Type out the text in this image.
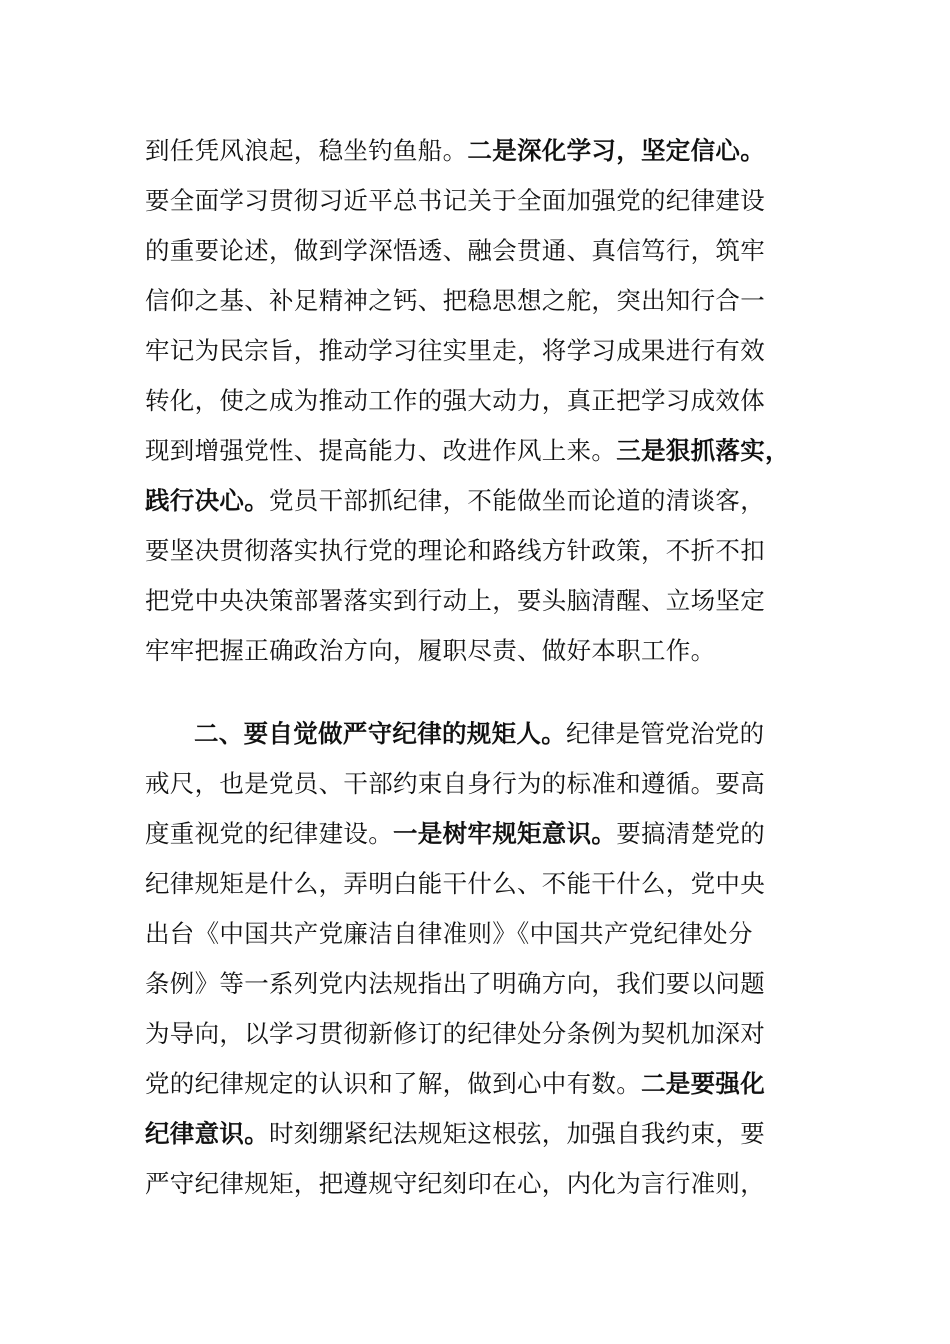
到任凭风浪起，稳坐钓鱼船。二是深化学习，坚定信心。
要全面学习贯彻习近平总书记关于全面加强党的纪律建设
的重要论述，做到学深悟透、融会贯通、真信笃行，筑牢
信仰之基、补足精神之钙、把稳思想之舵，突出知行合一
牢记为民宗旨，推动学习往实里走，将学习成果进行有效
转化，使之成为推动工作的强大动力，真正把学习成效体
现到增强党性、提高能力、改进作风上来。三是狠抓落实，
践行决心。党员干部抓纪律，不能做坐而论道的清谈客，
要坚决贯彻落实执行党的理论和路线方针政策，不折不扣
把党中央决策部署落实到行动上，要头脑清醒、立场坚定
牢牢把握正确政治方向，履职尽责、做好本职工作。
二、要自觉做严守纪律的规矩人。纪律是管党治党的
戒尺，也是党员、干部约束自身行为的标准和遵循。要高
度重视党的纪律建设。一是树牢规矩意识。要搞清楚党的
纪律规矩是什么，弄明白能干什么、不能干什么，党中央
出台《中国共产党廉洁自律准则》《中国共产党纪律处分
条例》等一系列党内法规指出了明确方向，我们要以问题
为导向，以学习贯彻新修订的纪律处分条例为契机加深对
党的纪律规定的认识和了解，做到心中有数。二是要强化
纪律意识。时刻绷紧纪法规矩这根弦，加强自我约束，要
严守纪律规矩，把遵规守纪刻印在心，内化为言行准则，
